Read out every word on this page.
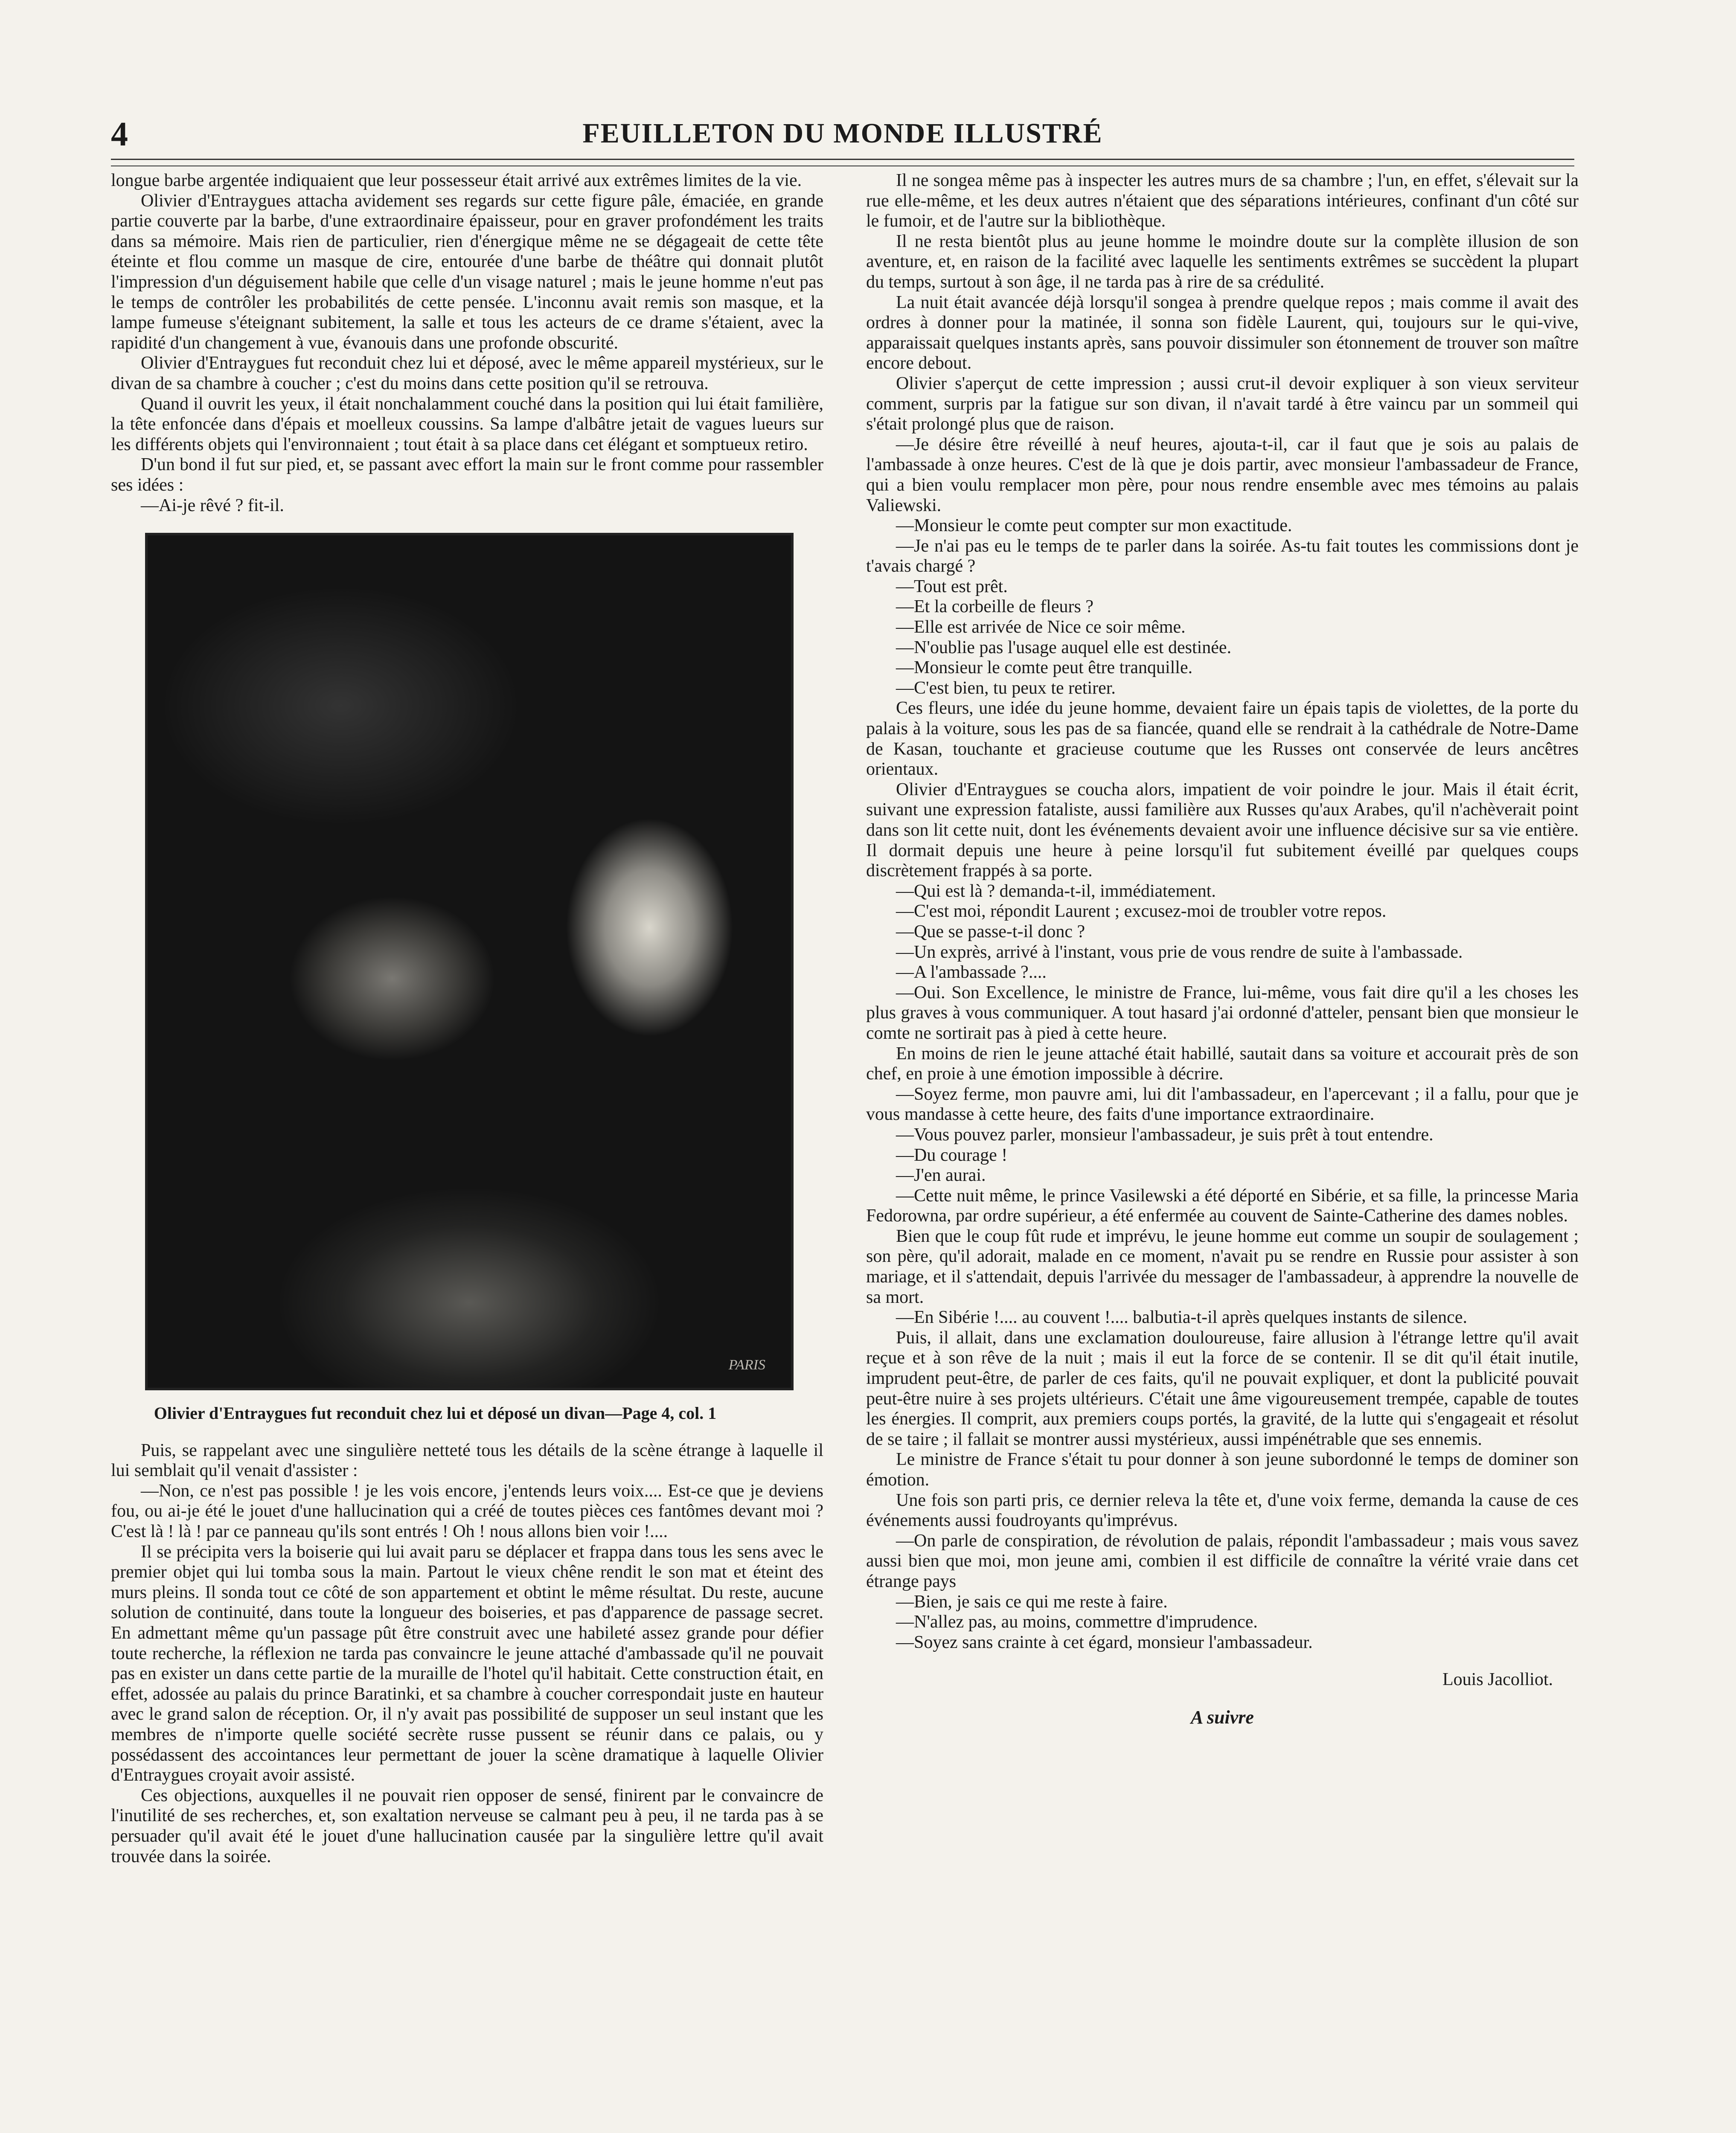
4	FEUILLETON DU MONDE ILLUSTRÉ

longue barbe argentée indiquaient que leur possesseur était arrivé aux extrêmes limites de la vie.

Olivier d'Entraygues attacha avidement ses regards sur cette figure pâle, émaciée, en grande partie couverte par la barbe, d'une extraordinaire épaisseur, pour en graver profondément les traits dans sa mémoire. Mais rien de particulier, rien d'énergique même ne se dégageait de cette tête éteinte et flou comme un masque de cire, entourée d'une barbe de théâtre qui donnait plutôt l'impression d'un déguisement habile que celle d'un visage naturel ; mais le jeune homme n'eut pas le temps de contrôler les probabilités de cette pensée. L'inconnu avait remis son masque, et la lampe fumeuse s'éteignant subitement, la salle et tous les acteurs de ce drame s'étaient, avec la rapidité d'un changement à vue, évanouis dans une profonde obscurité.

Olivier d'Entraygues fut reconduit chez lui et déposé, avec le même appareil mystérieux, sur le divan de sa chambre à coucher ; c'est du moins dans cette position qu'il se retrouva.

Quand il ouvrit les yeux, il était nonchalamment couché dans la position qui lui était familière, la tête enfoncée dans d'épais et moelleux coussins. Sa lampe d'albâtre jetait de vagues lueurs sur les différents objets qui l'environnaient ; tout était à sa place dans cet élégant et somptueux retiro.

D'un bond il fut sur pied, et, se passant avec effort la main sur le front comme pour rassembler ses idées :

—Ai-je rêvé ? fit-il.

PARIS
Olivier d'Entraygues fut reconduit chez lui et déposé un divan—Page 4, col. 1

Puis, se rappelant avec une singulière netteté tous les détails de la scène étrange à laquelle il lui semblait qu'il venait d'assister :

—Non, ce n'est pas possible ! je les vois encore, j'entends leurs voix.... Est-ce que je deviens fou, ou ai-je été le jouet d'une hallucination qui a créé de toutes pièces ces fantômes devant moi ? C'est là ! là ! par ce panneau qu'ils sont entrés ! Oh ! nous allons bien voir !....

Il se précipita vers la boiserie qui lui avait paru se déplacer et frappa dans tous les sens avec le premier objet qui lui tomba sous la main. Partout le vieux chêne rendit le son mat et éteint des murs pleins. Il sonda tout ce côté de son appartement et obtint le même résultat. Du reste, aucune solution de continuité, dans toute la longueur des boiseries, et pas d'apparence de passage secret. En admettant même qu'un passage pût être construit avec une habileté assez grande pour défier toute recherche, la réflexion ne tarda pas convaincre le jeune attaché d'ambassade qu'il ne pouvait pas en exister un dans cette partie de la muraille de l'hotel qu'il habitait. Cette construction était, en effet, adossée au palais du prince Baratinki, et sa chambre à coucher correspondait juste en hauteur avec le grand salon de réception. Or, il n'y avait pas possibilité de supposer un seul instant que les membres de n'importe quelle société secrète russe pussent se réunir dans ce palais, ou y possédassent des accointances leur permettant de jouer la scène dramatique à laquelle Olivier d'Entraygues croyait avoir assisté.

Ces objections, auxquelles il ne pouvait rien opposer de sensé, finirent par le convaincre de l'inutilité de ses recherches, et, son exaltation nerveuse se calmant peu à peu, il ne tarda pas à se persuader qu'il avait été le jouet d'une hallucination causée par la singulière lettre qu'il avait trouvée dans la soirée.

Il ne songea même pas à inspecter les autres murs de sa chambre ; l'un, en effet, s'élevait sur la rue elle-même, et les deux autres n'étaient que des séparations intérieures, confinant d'un côté sur le fumoir, et de l'autre sur la bibliothèque.

Il ne resta bientôt plus au jeune homme le moindre doute sur la complète illusion de son aventure, et, en raison de la facilité avec laquelle les sentiments extrêmes se succèdent la plupart du temps, surtout à son âge, il ne tarda pas à rire de sa crédulité.

La nuit était avancée déjà lorsqu'il songea à prendre quelque repos ; mais comme il avait des ordres à donner pour la matinée, il sonna son fidèle Laurent, qui, toujours sur le qui-vive, apparaissait quelques instants après, sans pouvoir dissimuler son étonnement de trouver son maître encore debout.

Olivier s'aperçut de cette impression ; aussi crut-il devoir expliquer à son vieux serviteur comment, surpris par la fatigue sur son divan, il n'avait tardé à être vaincu par un sommeil qui s'était prolongé plus que de raison.

—Je désire être réveillé à neuf heures, ajouta-t-il, car il faut que je sois au palais de l'ambassade à onze heures. C'est de là que je dois partir, avec monsieur l'ambassadeur de France, qui a bien voulu remplacer mon père, pour nous rendre ensemble avec mes témoins au palais Valiewski.

—Monsieur le comte peut compter sur mon exactitude.

—Je n'ai pas eu le temps de te parler dans la soirée. As-tu fait toutes les commissions dont je t'avais chargé ?

—Tout est prêt.

—Et la corbeille de fleurs ?

—Elle est arrivée de Nice ce soir même.

—N'oublie pas l'usage auquel elle est destinée.

—Monsieur le comte peut être tranquille.

—C'est bien, tu peux te retirer.

Ces fleurs, une idée du jeune homme, devaient faire un épais tapis de violettes, de la porte du palais à la voiture, sous les pas de sa fiancée, quand elle se rendrait à la cathédrale de Notre-Dame de Kasan, touchante et gracieuse coutume que les Russes ont conservée de leurs ancêtres orientaux.

Olivier d'Entraygues se coucha alors, impatient de voir poindre le jour. Mais il était écrit, suivant une expression fataliste, aussi familière aux Russes qu'aux Arabes, qu'il n'achèverait point dans son lit cette nuit, dont les événements devaient avoir une influence décisive sur sa vie entière. Il dormait depuis une heure à peine lorsqu'il fut subitement éveillé par quelques coups discrètement frappés à sa porte.

—Qui est là ? demanda-t-il, immédiatement.

—C'est moi, répondit Laurent ; excusez-moi de troubler votre repos.

—Que se passe-t-il donc ?

—Un exprès, arrivé à l'instant, vous prie de vous rendre de suite à l'ambassade.

—A l'ambassade ?....

—Oui. Son Excellence, le ministre de France, lui-même, vous fait dire qu'il a les choses les plus graves à vous communiquer. A tout hasard j'ai ordonné d'atteler, pensant bien que monsieur le comte ne sortirait pas à pied à cette heure.

En moins de rien le jeune attaché était habillé, sautait dans sa voiture et accourait près de son chef, en proie à une émotion impossible à décrire.

—Soyez ferme, mon pauvre ami, lui dit l'ambassadeur, en l'apercevant ; il a fallu, pour que je vous mandasse à cette heure, des faits d'une importance extraordinaire.

—Vous pouvez parler, monsieur l'ambassadeur, je suis prêt à tout entendre.

—Du courage !

—J'en aurai.

—Cette nuit même, le prince Vasilewski a été déporté en Sibérie, et sa fille, la princesse Maria Fedorowna, par ordre supérieur, a été enfermée au couvent de Sainte-Catherine des dames nobles.

Bien que le coup fût rude et imprévu, le jeune homme eut comme un soupir de soulagement ; son père, qu'il adorait, malade en ce moment, n'avait pu se rendre en Russie pour assister à son mariage, et il s'attendait, depuis l'arrivée du messager de l'ambassadeur, à apprendre la nouvelle de sa mort.

—En Sibérie !.... au couvent !.... balbutia-t-il après quelques instants de silence.

Puis, il allait, dans une exclamation douloureuse, faire allusion à l'étrange lettre qu'il avait reçue et à son rêve de la nuit ; mais il eut la force de se contenir. Il se dit qu'il était inutile, imprudent peut-être, de parler de ces faits, qu'il ne pouvait expliquer, et dont la publicité pouvait peut-être nuire à ses projets ultérieurs. C'était une âme vigoureusement trempée, capable de toutes les énergies. Il comprit, aux premiers coups portés, la gravité, de la lutte qui s'engageait et résolut de se taire ; il fallait se montrer aussi mystérieux, aussi impénétrable que ses ennemis.

Le ministre de France s'était tu pour donner à son jeune subordonné le temps de dominer son émotion.

Une fois son parti pris, ce dernier releva la tête et, d'une voix ferme, demanda la cause de ces événements aussi foudroyants qu'imprévus.

—On parle de conspiration, de révolution de palais, répondit l'ambassadeur ; mais vous savez aussi bien que moi, mon jeune ami, combien il est difficile de connaître la vérité vraie dans cet étrange pays

—Bien, je sais ce qui me reste à faire.

—N'allez pas, au moins, commettre d'imprudence.

—Soyez sans crainte à cet égard, monsieur l'ambassadeur.

Louis Jacolliot.
A suivre
